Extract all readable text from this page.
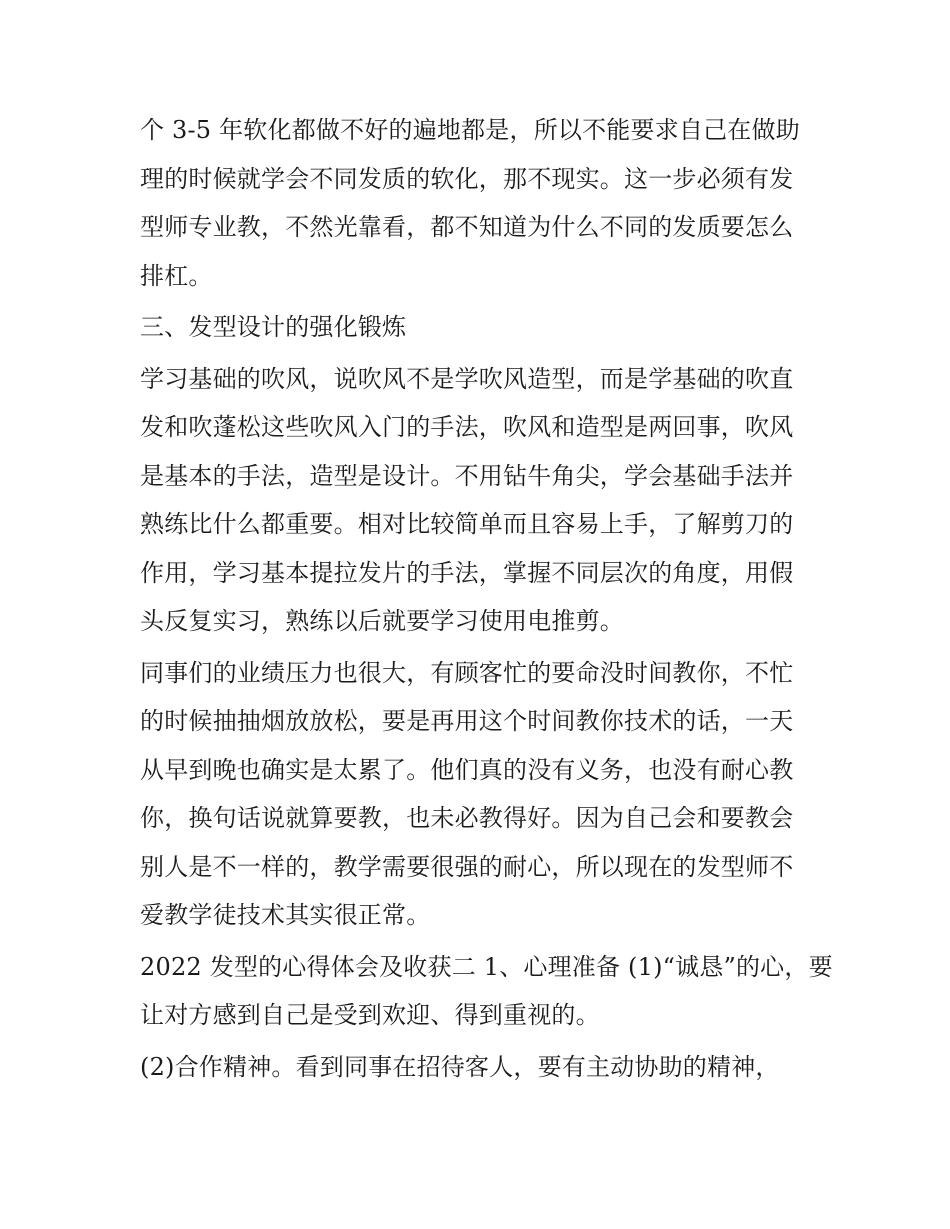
个 3-5 年软化都做不好的遍地都是，所以不能要求自己在做助

理的时候就学会不同发质的软化，那不现实。这一步必须有发

型师专业教，不然光靠看，都不知道为什么不同的发质要怎么

排杠。

三、发型设计的强化锻炼

学习基础的吹风，说吹风不是学吹风造型，而是学基础的吹直

发和吹蓬松这些吹风入门的手法，吹风和造型是两回事，吹风

是基本的手法，造型是设计。不用钻牛角尖，学会基础手法并

熟练比什么都重要。相对比较简单而且容易上手，了解剪刀的

作用，学习基本提拉发片的手法，掌握不同层次的角度，用假

头反复实习，熟练以后就要学习使用电推剪。

同事们的业绩压力也很大，有顾客忙的要命没时间教你，不忙

的时候抽抽烟放放松，要是再用这个时间教你技术的话，一天

从早到晚也确实是太累了。他们真的没有义务，也没有耐心教

你，换句话说就算要教，也未必教得好。因为自己会和要教会

别人是不一样的，教学需要很强的耐心，所以现在的发型师不

爱教学徒技术其实很正常。

2022 发型的心得体会及收获二 1、心理准备 (1)“诚恳”的心，要

让对方感到自己是受到欢迎、得到重视的。

(2)合作精神。看到同事在招待客人，要有主动协助的精神，
